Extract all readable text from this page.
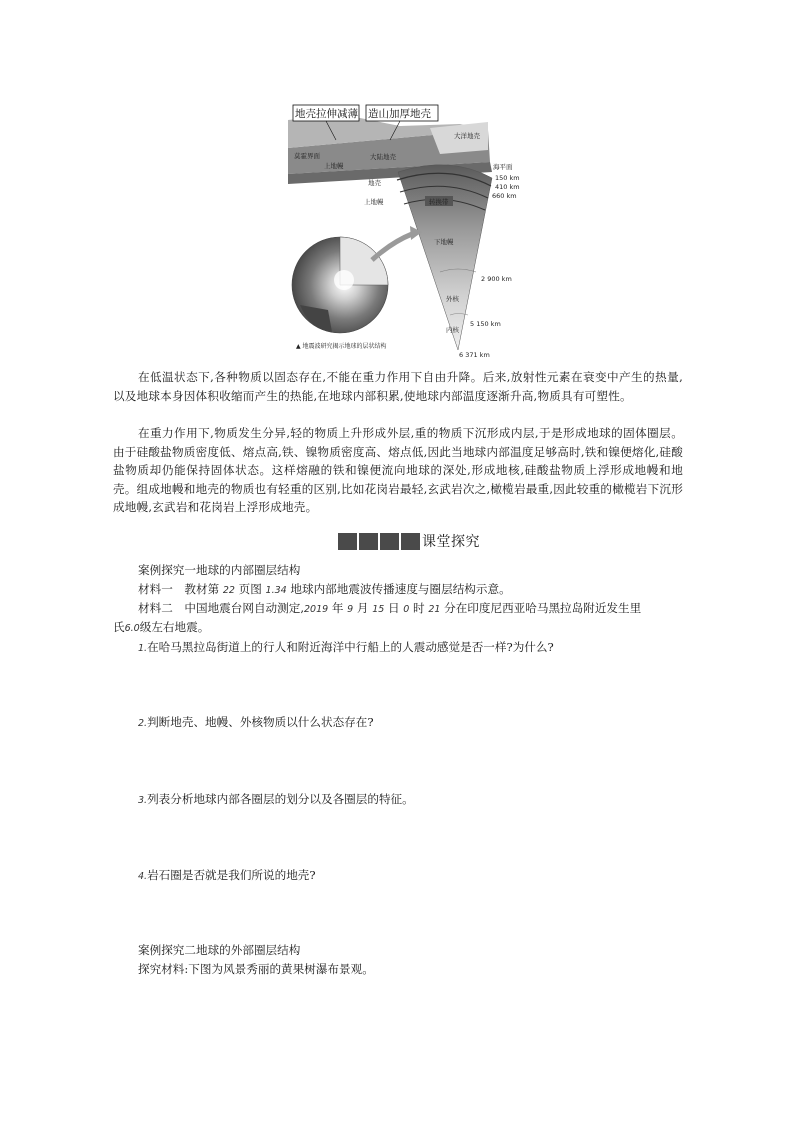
地壳拉伸减薄 造山加厚地壳
莫霍界面	大陆地壳
大洋地壳
上地幔	海平面
150 km
410 km
660 km
地壳
上地幔	转换带
下地幔
2 900 km
外核
5 150 km
内核
6 371 km
▲ 地震波研究揭示地球的层状结构

在低温状态下,各种物质以固态存在,不能在重力作用下自由升降。后来,放射性元素在衰变中产生的热量,以及地球本身因体积收缩而产生的热能,在地球内部积累,使地球内部温度逐渐升高,物质具有可塑性。

在重力作用下,物质发生分异,轻的物质上升形成外层,重的物质下沉形成内层,于是形成地球的固体圈层。由于硅酸盐物质密度低、熔点高,铁、镍物质密度高、熔点低,因此当地球内部温度足够高时,铁和镍便熔化,硅酸盐物质却仍能保持固体状态。这样熔融的铁和镍便流向地球的深处,形成地核,硅酸盐物质上浮形成地幔和地壳。组成地幔和地壳的物质也有轻重的区别,比如花岗岩最轻,玄武岩次之,橄榄岩最重,因此较重的橄榄岩下沉形成地幔,玄武岩和花岗岩上浮形成地壳。

课堂探究
案例探究一地球的内部圈层结构
材料一　教材第 22 页图 1.34 地球内部地震波传播速度与圈层结构示意。
材料二　中国地震台网自动测定,2019 年 9 月 15 日 0 时 21 分在印度尼西亚哈马黑拉岛附近发生里
氏6.0级左右地震。
1.在哈马黑拉岛街道上的行人和附近海洋中行船上的人震动感觉是否一样?为什么?
2.判断地壳、地幔、外核物质以什么状态存在?
3.列表分析地球内部各圈层的划分以及各圈层的特征。
4.岩石圈是否就是我们所说的地壳?
案例探究二地球的外部圈层结构
探究材料:下图为风景秀丽的黄果树瀑布景观。
